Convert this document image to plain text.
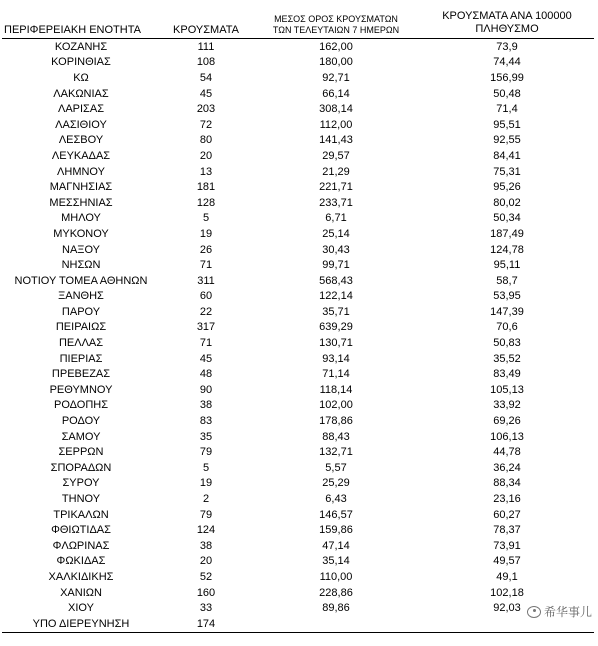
ΠΕΡΙΦΕΡΕΙΑΚΗ ΕΝΟΤΗΤΑ	ΚΡΟΥΣΜΑΤΑ	ΜΕΣΟΣ ΟΡΟΣ ΚΡΟΥΣΜΑΤΩΝ
ΤΩΝ ΤΕΛΕΥΤΑΙΩΝ 7 ΗΜΕΡΩΝ	ΚΡΟΥΣΜΑΤΑ ΑΝΑ 100000
ΠΛΗΘΥΣΜΟ
ΚΟΖΑΝΗΣ	111	162,00	73,9
ΚΟΡΙΝΘΙΑΣ	108	180,00	74,44
ΚΩ	54	92,71	156,99
ΛΑΚΩΝΙΑΣ	45	66,14	50,48
ΛΑΡΙΣΑΣ	203	308,14	71,4
ΛΑΣΙΘΙΟΥ	72	112,00	95,51
ΛΕΣΒΟΥ	80	141,43	92,55
ΛΕΥΚΑΔΑΣ	20	29,57	84,41
ΛΗΜΝΟΥ	13	21,29	75,31
ΜΑΓΝΗΣΙΑΣ	181	221,71	95,26
ΜΕΣΣΗΝΙΑΣ	128	233,71	80,02
ΜΗΛΟΥ	5	6,71	50,34
ΜΥΚΟΝΟΥ	19	25,14	187,49
ΝΑΞΟΥ	26	30,43	124,78
ΝΗΣΩΝ	71	99,71	95,11
ΝΟΤΙΟΥ ΤΟΜΕΑ ΑΘΗΝΩΝ	311	568,43	58,7
ΞΑΝΘΗΣ	60	122,14	53,95
ΠΑΡΟΥ	22	35,71	147,39
ΠΕΙΡΑΙΩΣ	317	639,29	70,6
ΠΕΛΛΑΣ	71	130,71	50,83
ΠΙΕΡΙΑΣ	45	93,14	35,52
ΠΡΕΒΕΖΑΣ	48	71,14	83,49
ΡΕΘΥΜΝΟΥ	90	118,14	105,13
ΡΟΔΟΠΗΣ	38	102,00	33,92
ΡΟΔΟΥ	83	178,86	69,26
ΣΑΜΟΥ	35	88,43	106,13
ΣΕΡΡΩΝ	79	132,71	44,78
ΣΠΟΡΑΔΩΝ	5	5,57	36,24
ΣΥΡΟΥ	19	25,29	88,34
ΤΗΝΟΥ	2	6,43	23,16
ΤΡΙΚΑΛΩΝ	79	146,57	60,27
ΦΘΙΩΤΙΔΑΣ	124	159,86	78,37
ΦΛΩΡΙΝΑΣ	38	47,14	73,91
ΦΩΚΙΔΑΣ	20	35,14	49,57
ΧΑΛΚΙΔΙΚΗΣ	52	110,00	49,1
ΧΑΝΙΩΝ	160	228,86	102,18
ΧΙΟΥ	33	89,86	92,03
ΥΠΟ ΔΙΕΡΕΥΝΗΣΗ	174		
希华事儿
